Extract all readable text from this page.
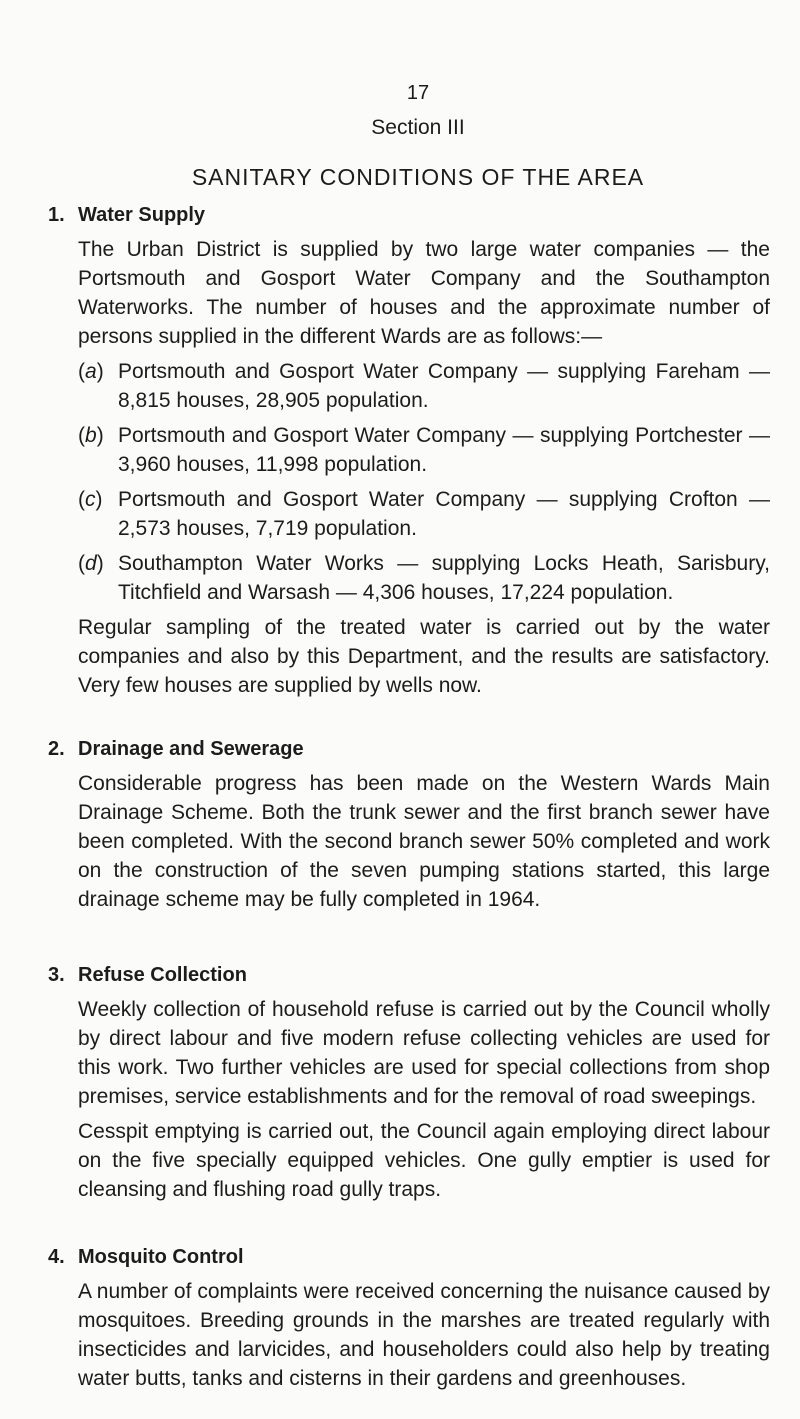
17
Section III
SANITARY CONDITIONS OF THE AREA
1. Water Supply

The Urban District is supplied by two large water companies — the Portsmouth and Gosport Water Company and the Southampton Waterworks. The number of houses and the approximate number of persons supplied in the different Wards are as follows:—

(a) Portsmouth and Gosport Water Company — supplying Fareham — 8,815 houses, 28,905 population.
(b) Portsmouth and Gosport Water Company — supplying Portchester — 3,960 houses, 11,998 population.
(c) Portsmouth and Gosport Water Company — supplying Crofton — 2,573 houses, 7,719 population.
(d) Southampton Water Works — supplying Locks Heath, Sarisbury, Titchfield and Warsash — 4,306 houses, 17,224 population.

Regular sampling of the treated water is carried out by the water companies and also by this Department, and the results are satisfactory. Very few houses are supplied by wells now.

2. Drainage and Sewerage

Considerable progress has been made on the Western Wards Main Drainage Scheme. Both the trunk sewer and the first branch sewer have been completed. With the second branch sewer 50% completed and work on the construction of the seven pumping stations started, this large drainage scheme may be fully completed in 1964.

3. Refuse Collection

Weekly collection of household refuse is carried out by the Council wholly by direct labour and five modern refuse collecting vehicles are used for this work. Two further vehicles are used for special collections from shop premises, service establishments and for the removal of road sweepings.

Cesspit emptying is carried out, the Council again employing direct labour on the five specially equipped vehicles. One gully emptier is used for cleansing and flushing road gully traps.

4. Mosquito Control

A number of complaints were received concerning the nuisance caused by mosquitoes. Breeding grounds in the marshes are treated regularly with insecticides and larvicides, and householders could also help by treating water butts, tanks and cisterns in their gardens and greenhouses.
